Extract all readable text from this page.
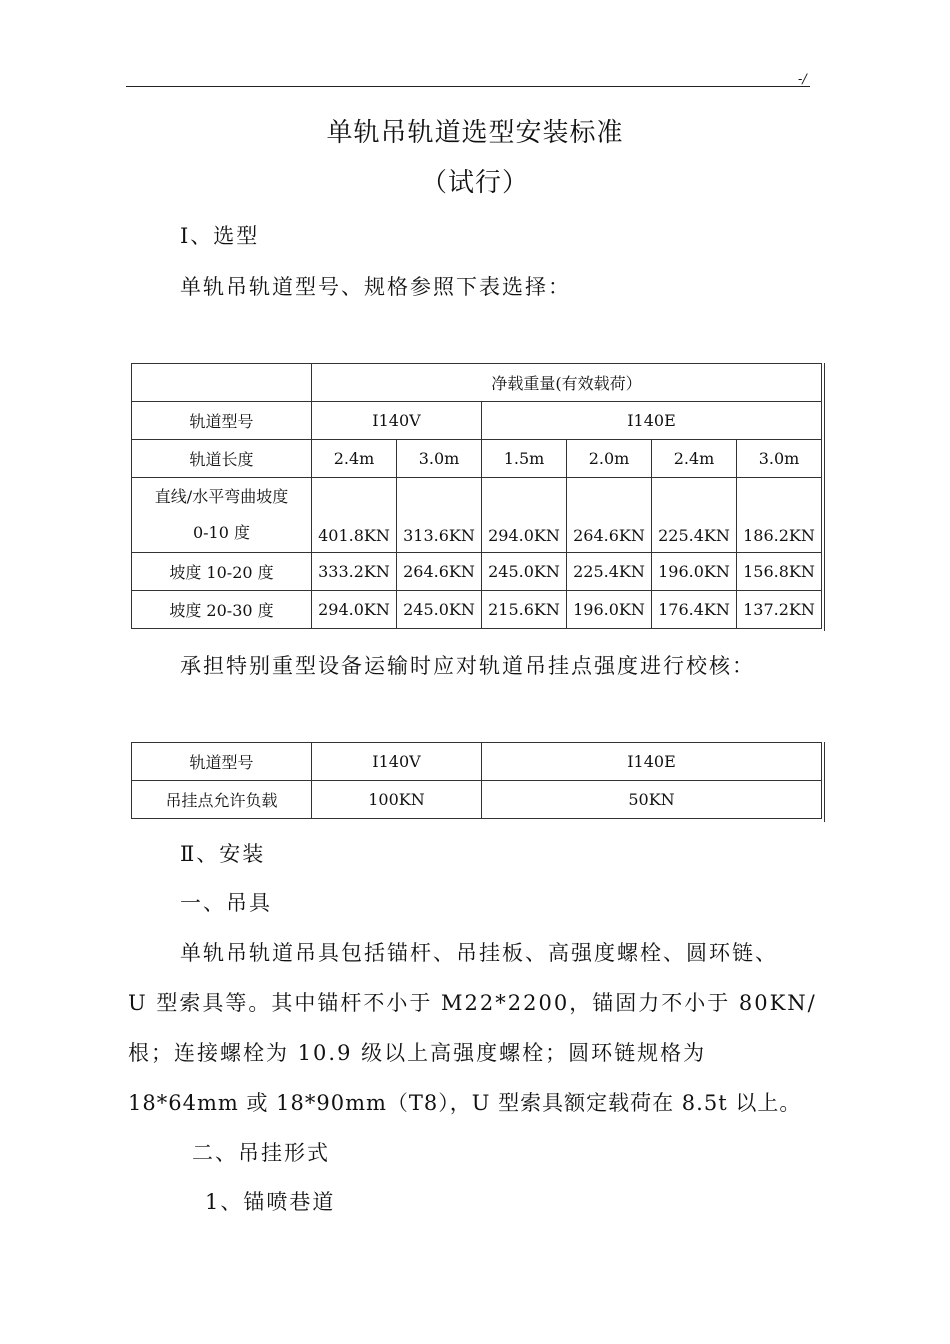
-/
单轨吊轨道选型安装标准
（试行）
Ⅰ、选型
单轨吊轨道型号、规格参照下表选择：
	净载重量(有效载荷）					
轨道型号	I140V		I140E			
轨道长度	2.4m	3.0m	1.5m	2.0m	2.4m	3.0m

直线/水平弯曲坡度
0-10 度	401.8KN	313.6KN	294.0KN	264.6KN	225.4KN	186.2KN
坡度 10-20 度	333.2KN	264.6KN	245.0KN	225.4KN	196.0KN	156.8KN
坡度 20-30 度	294.0KN	245.0KN	215.6KN	196.0KN	176.4KN	137.2KN
承担特别重型设备运输时应对轨道吊挂点强度进行校核：
轨道型号	I140V	I140E
吊挂点允许负载	100KN	50KN
Ⅱ、安装
一、吊具
单轨吊轨道吊具包括锚杆、吊挂板、高强度螺栓、圆环链、
U 型索具等。其中锚杆不小于 M22*2200，锚固力不小于 80KN/
根；连接螺栓为 10.9 级以上高强度螺栓；圆环链规格为
18*64mm 或 18*90mm（T8），U 型索具额定载荷在 8.5t 以上。
二、吊挂形式
1、锚喷巷道
